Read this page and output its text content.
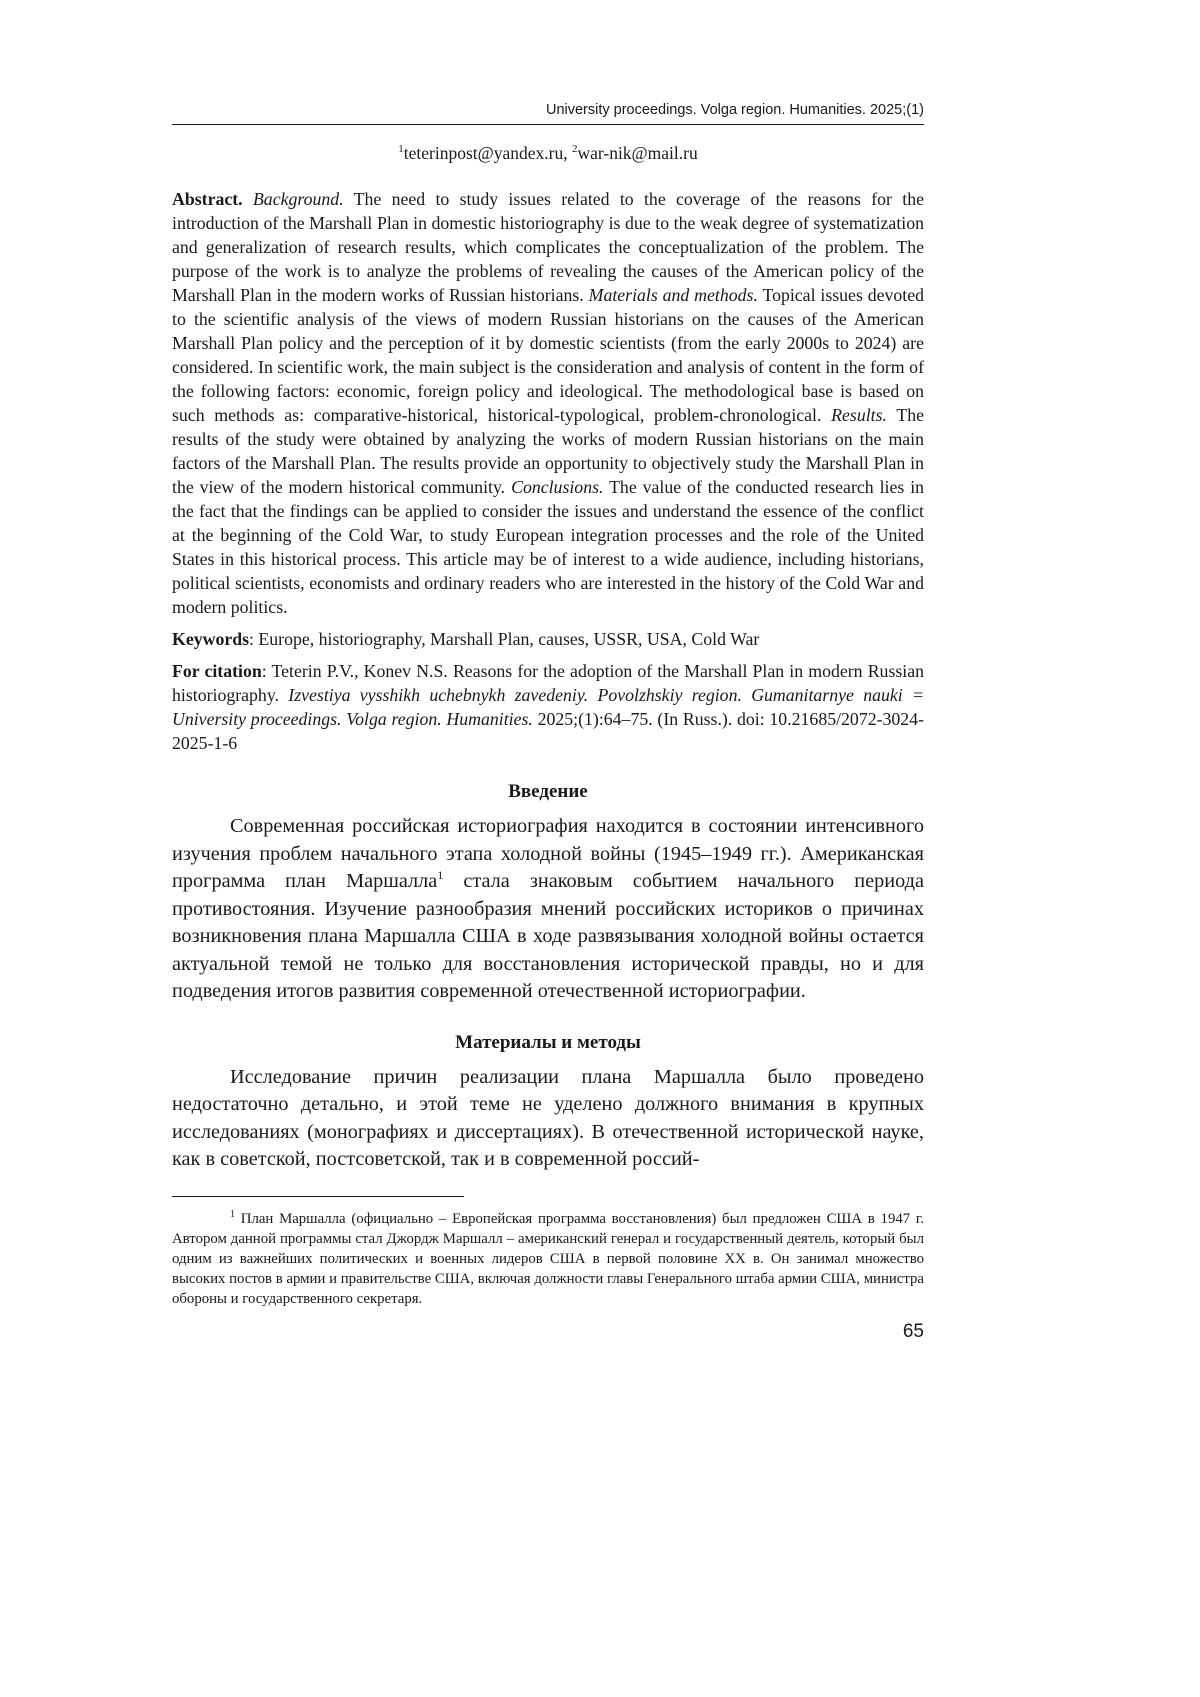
University proceedings. Volga region. Humanities. 2025;(1)
$^1$teterinpost@yandex.ru, $^2$war-nik@mail.ru

Abstract. Background. The need to study issues related to the coverage of the reasons for the introduction of the Marshall Plan in domestic historiography is due to the weak degree of systematization and generalization of research results, which complicates the conceptualization of the problem. The purpose of the work is to analyze the problems of revealing the causes of the American policy of the Marshall Plan in the modern works of Russian historians. Materials and methods. Topical issues devoted to the scientific analysis of the views of modern Russian historians on the causes of the American Marshall Plan policy and the perception of it by domestic scientists (from the early 2000s to 2024) are considered. In scientific work, the main subject is the consideration and analysis of content in the form of the following factors: economic, foreign policy and ideological. The methodological base is based on such methods as: comparative-historical, historical-typological, problem-chronological. Results. The results of the study were obtained by analyzing the works of modern Russian historians on the main factors of the Marshall Plan. The results provide an opportunity to objectively study the Marshall Plan in the view of the modern historical community. Conclusions. The value of the conducted research lies in the fact that the findings can be applied to consider the issues and understand the essence of the conflict at the beginning of the Cold War, to study European integration processes and the role of the United States in this historical process. This article may be of interest to a wide audience, including historians, political scientists, economists and ordinary readers who are interested in the history of the Cold War and modern politics.

Keywords: Europe, historiography, Marshall Plan, causes, USSR, USA, Cold War

For citation: Teterin P.V., Konev N.S. Reasons for the adoption of the Marshall Plan in modern Russian historiography. Izvestiya vysshikh uchebnykh zavedeniy. Povolzhskiy region. Gumanitarnye nauki = University proceedings. Volga region. Humanities. 2025;(1):64–75. (In Russ.). doi: 10.21685/2072-3024-2025-1-6

Введение

Современная российская историография находится в состоянии интенсивного изучения проблем начального этапа холодной войны (1945–1949 гг.). Американская программа план Маршалла$^1$ стала знаковым событием начального периода противостояния. Изучение разнообразия мнений российских историков о причинах возникновения плана Маршалла США в ходе развязывания холодной войны остается актуальной темой не только для восстановления исторической правды, но и для подведения итогов развития современной отечественной историографии.

Материалы и методы

Исследование причин реализации плана Маршалла было проведено недостаточно детально, и этой теме не уделено должного внимания в крупных исследованиях (монографиях и диссертациях). В отечественной исторической науке, как в советской, постсоветской, так и в современной россий-

$^1$ План Маршалла (официально – Европейская программа восстановления) был предложен США в 1947 г. Автором данной программы стал Джордж Маршалл – американский генерал и государственный деятель, который был одним из важнейших политических и военных лидеров США в первой половине XX в. Он занимал множество высоких постов в армии и правительстве США, включая должности главы Генерального штаба армии США, министра обороны и государственного секретаря.
65
